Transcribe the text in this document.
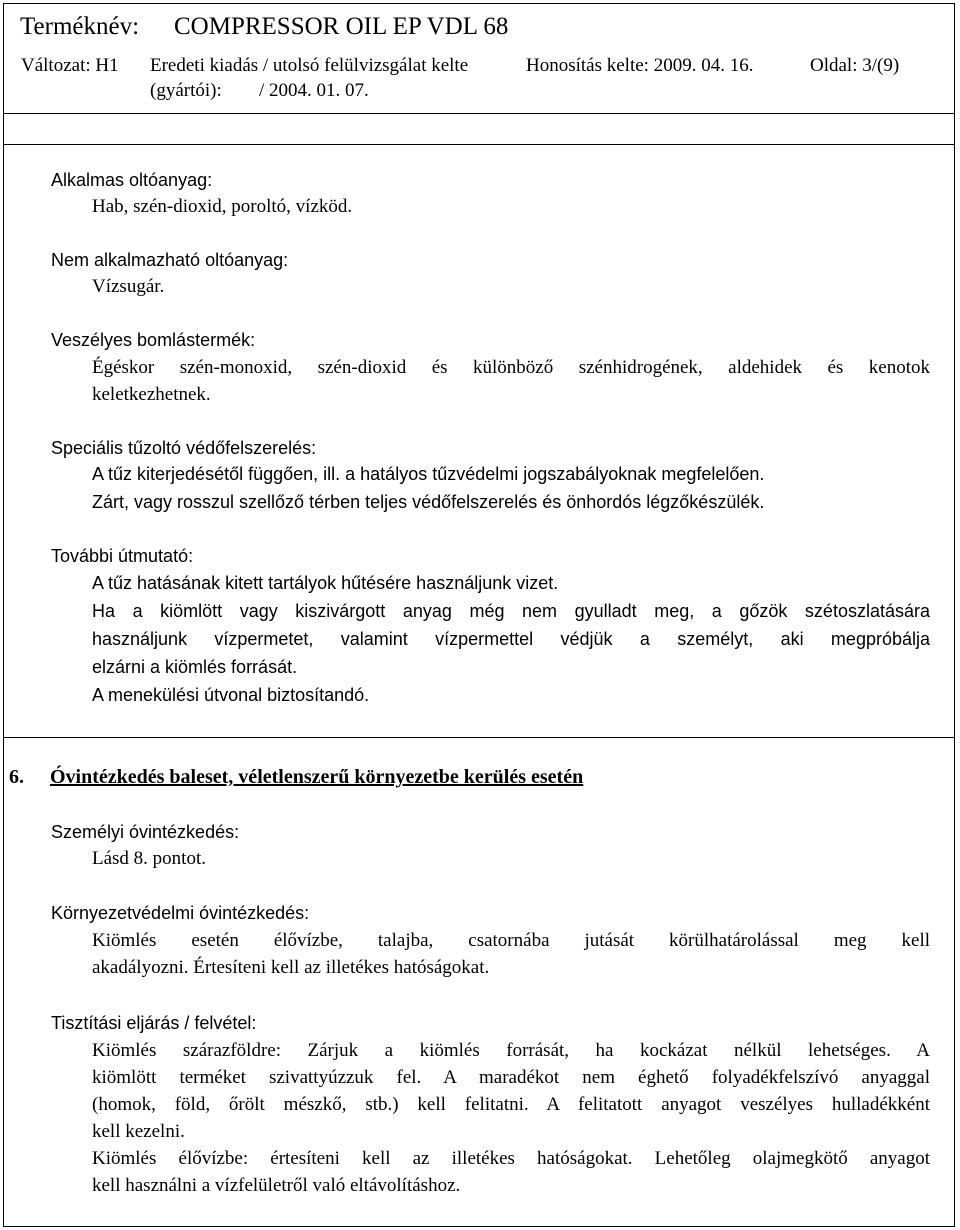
Terméknév: COMPRESSOR OIL EP VDL 68
Változat: H1 Eredeti kiadás / utolsó felülvizsgálat kelte	Honosítás kelte: 2009. 04. 16.	Oldal: 3/(9)
(gyártói): / 2004. 01. 07.
Alkalmas oltóanyag:
Hab, szén-dioxid, poroltó, vízköd.
Nem alkalmazható oltóanyag:
Vízsugár.
Veszélyes bomlástermék:
Égéskor szén-monoxid, szén-dioxid és különböző szénhidrogének, aldehidek és kenotok
keletkezhetnek.
Speciális tűzoltó védőfelszerelés:
A tűz kiterjedésétől függően, ill. a hatályos tűzvédelmi jogszabályoknak megfelelően.
Zárt, vagy rosszul szellőző térben teljes védőfelszerelés és önhordós légzőkészülék.
További útmutató:
A tűz hatásának kitett tartályok hűtésére használjunk vizet.
Ha a kiömlött vagy kiszivárgott anyag még nem gyulladt meg, a gőzök szétoszlatására
használjunk vízpermetet, valamint vízpermettel védjük a személyt, aki megpróbálja
elzárni a kiömlés forrását.
A menekülési útvonal biztosítandó.
6. Óvintézkedés baleset, véletlenszerű környezetbe kerülés esetén
Személyi óvintézkedés:
Lásd 8. pontot.
Környezetvédelmi óvintézkedés:
Kiömlés esetén élővízbe, talajba, csatornába jutását körülhatárolással meg kell
akadályozni. Értesíteni kell az illetékes hatóságokat.
Tisztítási eljárás / felvétel:
Kiömlés szárazföldre: Zárjuk a kiömlés forrását, ha kockázat nélkül lehetséges. A
kiömlött terméket szivattyúzzuk fel. A maradékot nem éghető folyadékfelszívó anyaggal
(homok, föld, őrölt mészkő, stb.) kell felitatni. A felitatott anyagot veszélyes hulladékként
kell kezelni.
Kiömlés élővízbe: értesíteni kell az illetékes hatóságokat. Lehetőleg olajmegkötő anyagot
kell használni a vízfelületről való eltávolításhoz.
